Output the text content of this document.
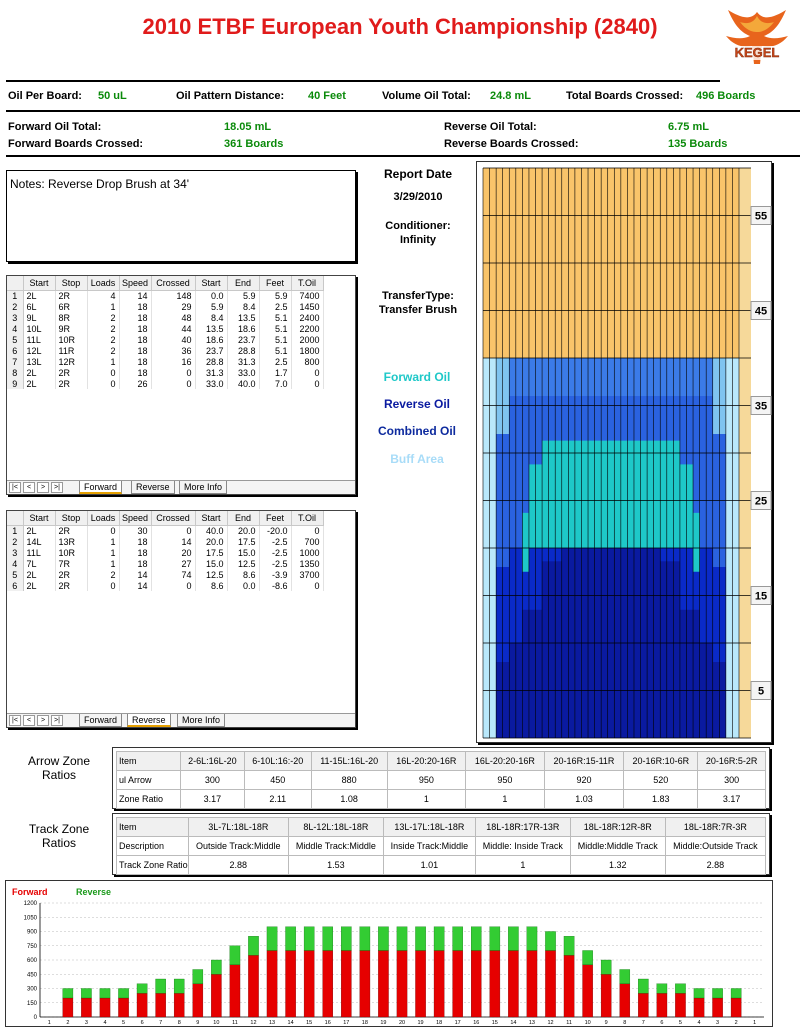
2010 ETBF European Youth Championship (2840)
KEGEL
Oil Per Board: 50 uL	Oil Pattern Distance: 40 Feet	Volume Oil Total: 24.8 mL	Total Boards Crossed: 496 Boards
Forward Oil Total:	18.05 mL	Reverse Oil Total:	6.75 mL
Forward Boards Crossed:	361 Boards	Reverse Boards Crossed:	135 Boards
Notes: Reverse Drop Brush at 34'
	Start	Stop	Loads	Speed	Crossed	Start	End	Feet	T.Oil
1	2L	2R	4	14	148	0.0	5.9	5.9	7400
2	6L	6R	1	18	29	5.9	8.4	2.5	1450
3	9L	8R	2	18	48	8.4	13.5	5.1	2400
4	10L	9R	2	18	44	13.5	18.6	5.1	2200
5	11L	10R	2	18	40	18.6	23.7	5.1	2000
6	12L	11R	2	18	36	23.7	28.8	5.1	1800
7	13L	12R	1	18	16	28.8	31.3	2.5	800
8	2L	2R	0	18	0	31.3	33.0	1.7	0
9	2L	2R	0	26	0	33.0	40.0	7.0	0
|<	<	>	>|	Forward	Reverse	More Info
	Start	Stop	Loads	Speed	Crossed	Start	End	Feet	T.Oil
1	2L	2R	0	30	0	40.0	20.0	-20.0	0
2	14L	13R	1	18	14	20.0	17.5	-2.5	700
3	11L	10R	1	18	20	17.5	15.0	-2.5	1000
4	7L	7R	1	18	27	15.0	12.5	-2.5	1350
5	2L	2R	2	14	74	12.5	8.6	-3.9	3700
6	2L	2R	0	14	0	8.6	0.0	-8.6	0
|<	<	>	>|	Forward	Reverse	More Info
Report Date
3/29/2010
Conditioner:
Infinity
TransferType:
Transfer Brush
Forward Oil
Reverse Oil
Combined Oil
Buff Area
55
45
35
25
15
5
Arrow Zone Ratios
Item	2-6L:16L-20	6-10L:16:-20	11-15L:16L-20	16L-20:20-16R	16L-20:20-16R	20-16R:15-11R	20-16R:10-6R	20-16R:5-2R
ul Arrow	300	450	880	950	950	920	520	300
Zone Ratio	3.17	2.11	1.08	1	1	1.03	1.83	3.17
Track Zone Ratios
Item	3L-7L:18L-18R	8L-12L:18L-18R	13L-17L:18L-18R	18L-18R:17R-13R	18L-18R:12R-8R	18L-18R:7R-3R
Description	Outside Track:Middle	Middle Track:Middle	Inside Track:Middle	Middle: Inside Track	Middle:Middle Track	Middle:Outside Track
Track Zone Ratio	2.88	1.53	1.01	1	1.32	2.88
Forward	Reverse
0
150
300
450
600
750
900
1050
1200
1	2	3	4	5	6	7	8	9	10 11 12 13 14 15 16 17 18 19 20 19 18 17 16 15 14 13 12 11 10	9	8	7	6	5	4	3	2	1
